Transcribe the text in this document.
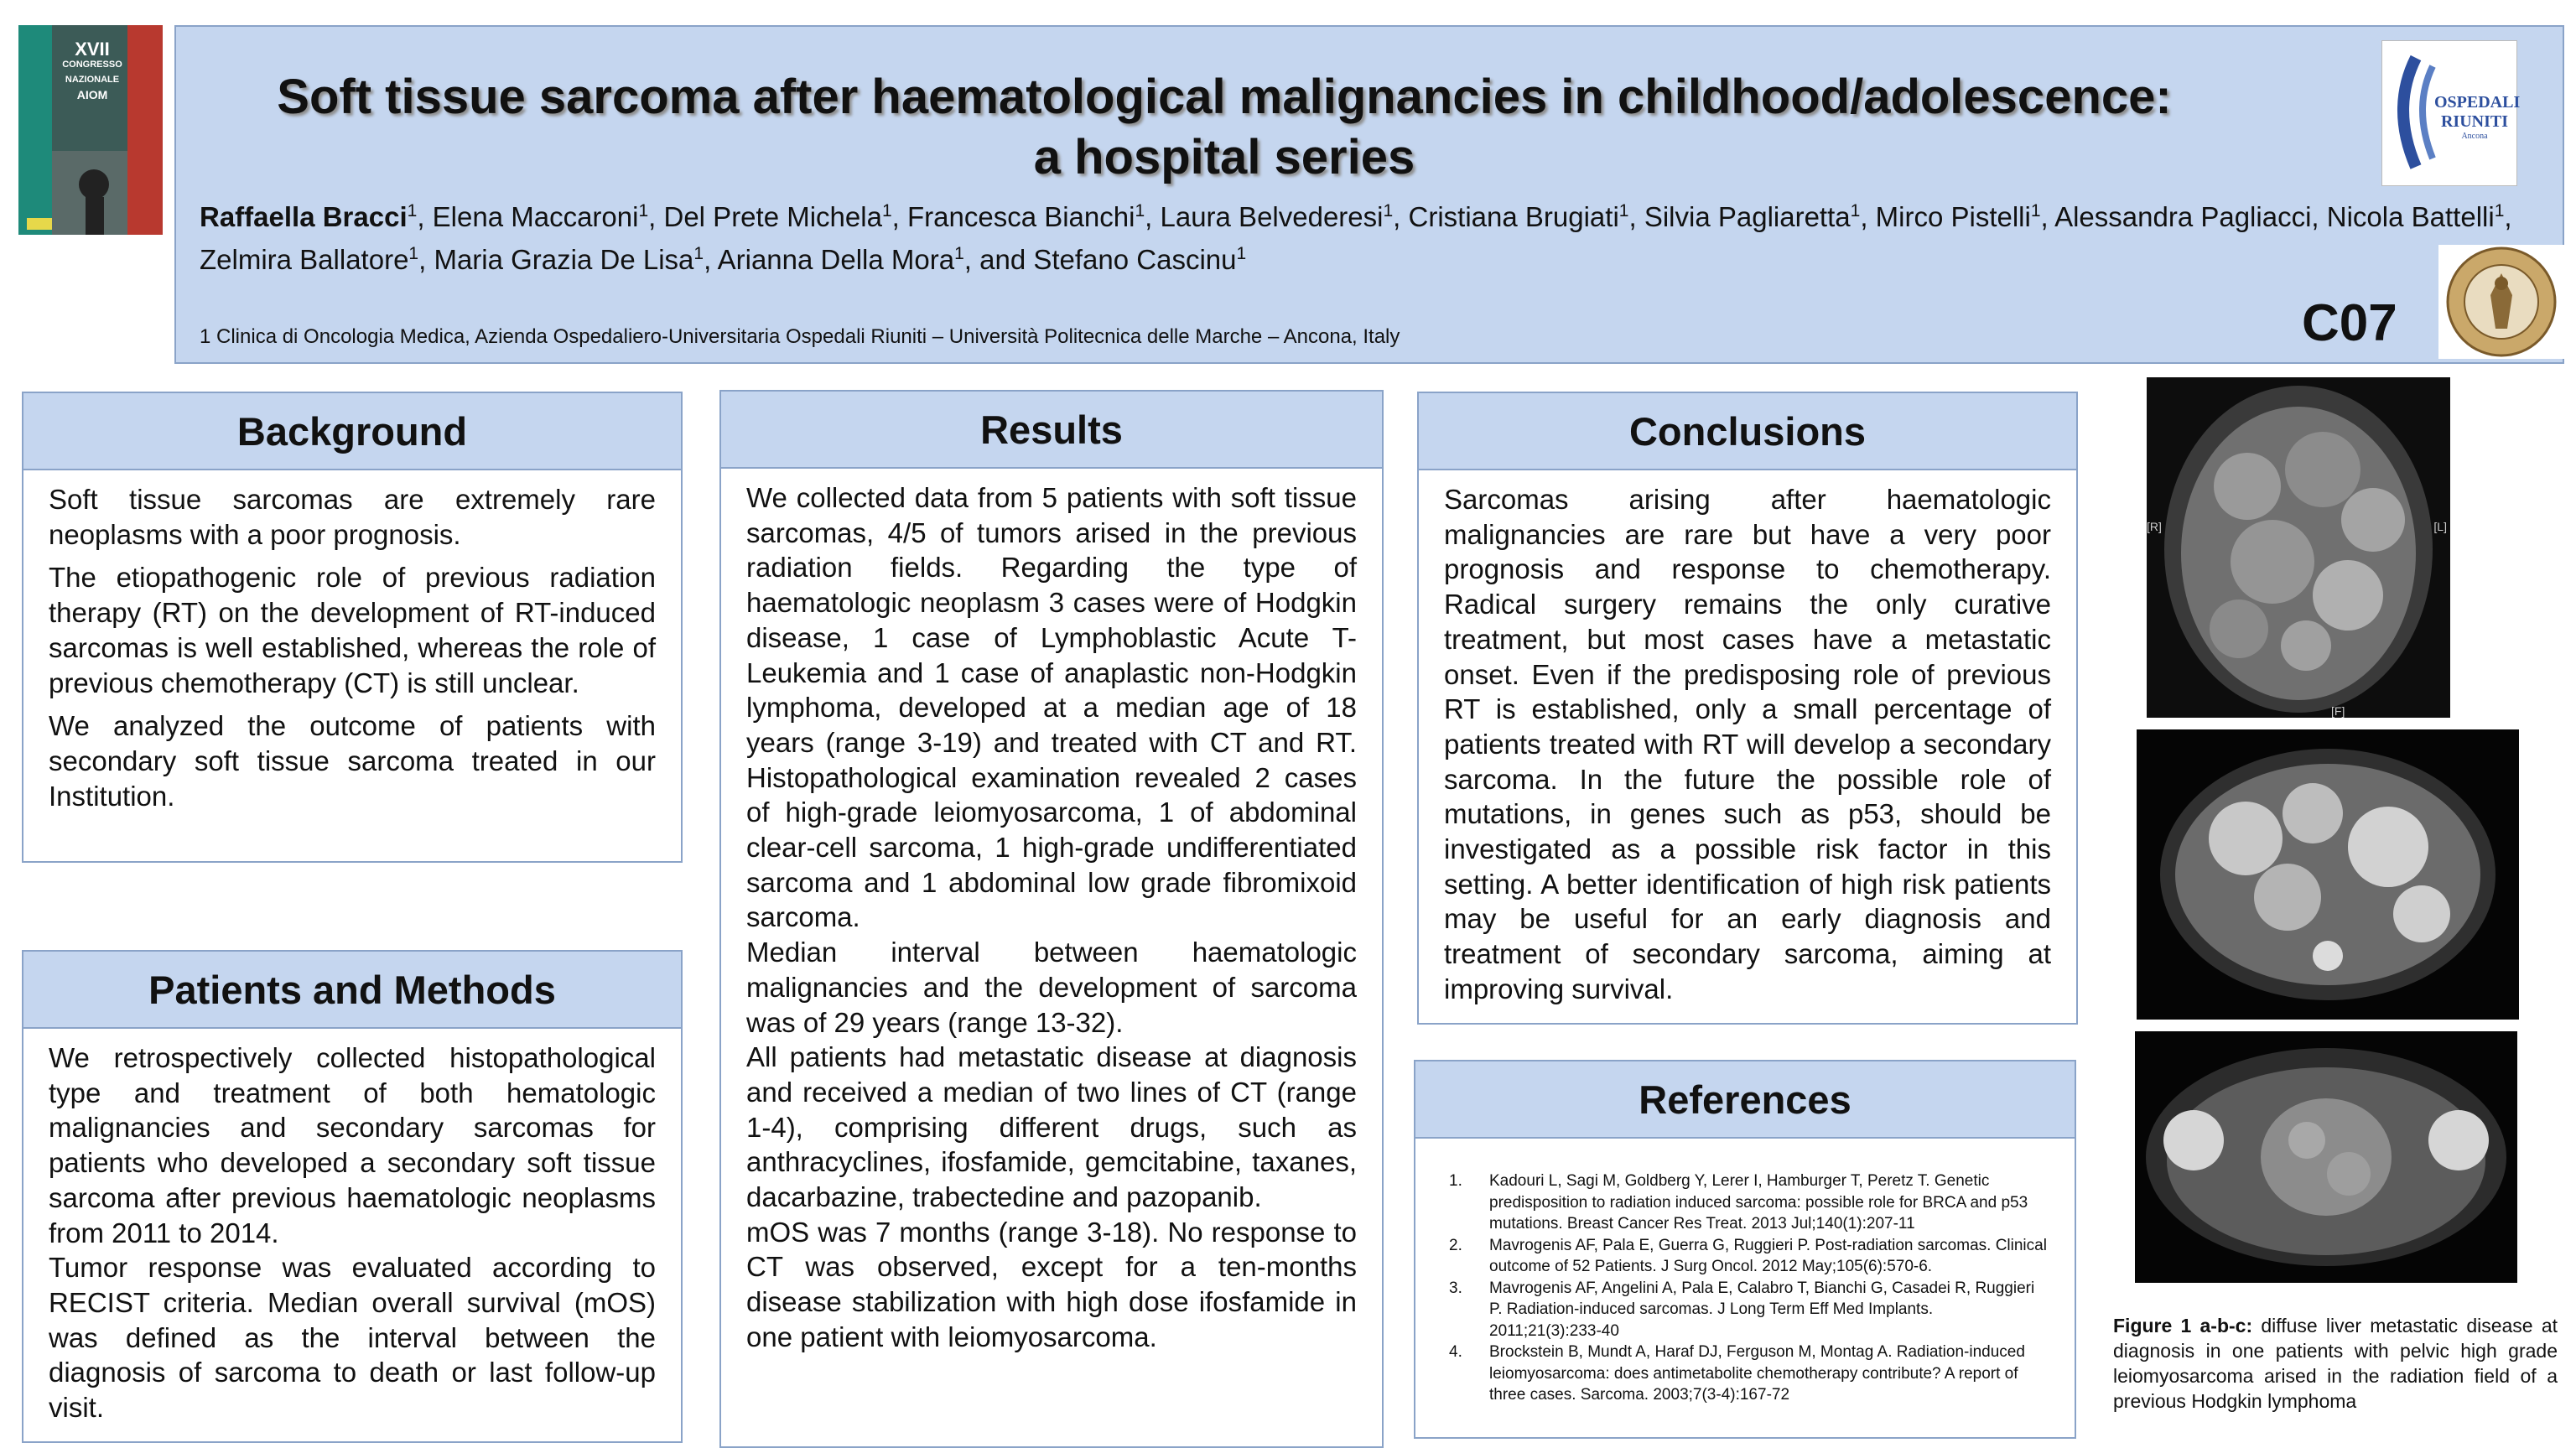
XVII
CONGRESSO
NAZIONALE
AIOM	Soft tissue sarcoma after haematological malignancies in childhood/adolescence:
a hospital series
Raffaella Bracci$^1$, Elena Maccaroni$^1$, Del Prete Michela$^1$, Francesca Bianchi$^1$, Laura Belvederesi$^1$, Cristiana Brugiati$^1$, Silvia Pagliaretta$^1$, Mirco Pistelli$^1$, Alessandra Pagliacci, Nicola Battelli$^1$, Zelmira Ballatore$^1$, Maria Grazia De Lisa$^1$, Arianna Della Mora$^1$, and Stefano Cascinu$^1$
1 Clinica di Oncologia Medica, Azienda Ospedaliero-Universitaria Ospedali Riuniti – Università Politecnica delle Marche – Ancona, Italy	C07
OSPEDALI
RIUNITI
Ancona
Background

Soft tissue sarcomas are extremely rare neoplasms with a poor prognosis.

The etiopathogenic role of previous radiation therapy (RT) on the development of RT-induced sarcomas is well established, whereas the role of previous chemotherapy (CT) is still unclear.

We analyzed the outcome of patients with secondary soft tissue sarcoma treated in our Institution.

Patients and Methods

We retrospectively collected histopathological type and treatment of both hematologic malignancies and secondary sarcomas for patients who developed a secondary soft tissue sarcoma after previous haematologic neoplasms from 2011 to 2014.

Tumor response was evaluated according to RECIST criteria. Median overall survival (mOS) was defined as the interval between the diagnosis of sarcoma to death or last follow-up visit.

Results

We collected data from 5 patients with soft tissue sarcomas, 4/5 of tumors arised in the previous radiation fields. Regarding the type of haematologic neoplasm 3 cases were of Hodgkin disease, 1 case of Lymphoblastic Acute T-Leukemia and 1 case of anaplastic non-Hodgkin lymphoma, developed at a median age of 18 years (range 3-19) and treated with CT and RT. Histopathological examination revealed 2 cases of high-grade leiomyosarcoma, 1 of abdominal clear-cell sarcoma, 1 high-grade undifferentiated sarcoma and 1 abdominal low grade fibromixoid sarcoma.

Median interval between haematologic malignancies and the development of sarcoma was of 29 years (range 13-32).

All patients had metastatic disease at diagnosis and received a median of two lines of CT (range 1-4), comprising different drugs, such as anthracyclines, ifosfamide, gemcitabine, taxanes, dacarbazine, trabectedine and pazopanib.

mOS was 7 months (range 3-18). No response to CT was observed, except for a ten-months disease stabilization with high dose ifosfamide in one patient with leiomyosarcoma.

Conclusions

Sarcomas arising after haematologic malignancies are rare but have a very poor prognosis and response to chemotherapy. Radical surgery remains the only curative treatment, but most cases have a metastatic onset. Even if the predisposing role of previous RT is established, only a small percentage of patients treated with RT will develop a secondary sarcoma. In the future the possible role of mutations, in genes such as p53, should be investigated as a possible risk factor in this setting. A better identification of high risk patients may be useful for an early diagnosis and treatment of secondary sarcoma, aiming at improving survival.

References
1.	Kadouri L, Sagi M, Goldberg Y, Lerer I, Hamburger T, Peretz T. Genetic predisposition to radiation induced sarcoma: possible role for BRCA and p53 mutations. Breast Cancer Res Treat. 2013 Jul;140(1):207-11
2.	Mavrogenis AF, Pala E, Guerra G, Ruggieri P. Post-radiation sarcomas. Clinical outcome of 52 Patients. J Surg Oncol. 2012 May;105(6):570-6.
3.	Mavrogenis AF, Angelini A, Pala E, Calabro T, Bianchi G, Casadei R, Ruggieri P. Radiation-induced sarcomas. J Long Term Eff Med Implants. 2011;21(3):233-40
4.	Brockstein B, Mundt A, Haraf DJ, Ferguson M, Montag A. Radiation-induced leiomyosarcoma: does antimetabolite chemotherapy contribute? A report of three cases. Sarcoma. 2003;7(3-4):167-72
[R]	[L]
[F]
Figure 1 a-b-c: diffuse liver metastatic disease at diagnosis in one patients with pelvic high grade leiomyosarcoma arised in the radiation field of a previous Hodgkin lymphoma
